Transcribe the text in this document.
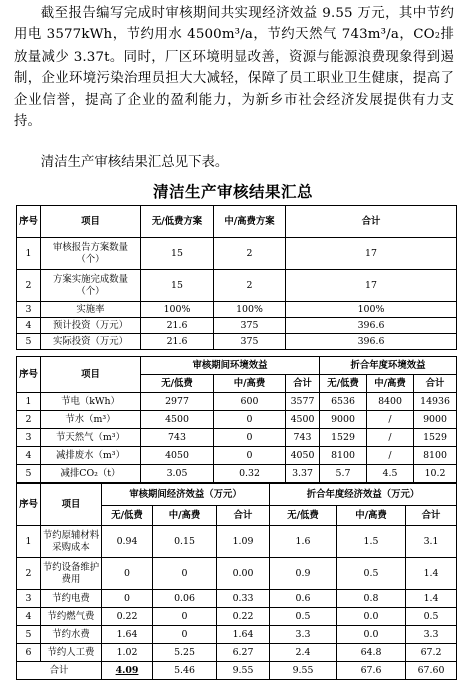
截至报告编写完成时审核期间共实现经济效益 9.55 万元，其中节约用电 3577kWh，节约用水 4500m³/a，节约天然气 743m³/a，CO2排放量减少 3.37t。同时，厂区环境明显改善，资源与能源浪费现象得到遏制，企业环境污染治理员担大大减轻，保障了员工职业卫生健康，提高了企业信誉，提高了企业的盈利能力，为新乡市社会经济发展提供有力支持。

清洁生产审核结果汇总见下表。
清洁生产审核结果汇总
序号	项目	无/低费方案	中/高费方案	合计
1	审核报告方案数量（个）	15	2	17
2	方案实施完成数量（个）	15	2	17
3	实施率	100%	100%	100%
4	预计投资（万元）	21.6	375	396.6
5	实际投资（万元）	21.6	375	396.6
序号	项目	审核期间环境效益			折合年度环境效益		
		无/低费	中/高费	合计	无/低费	中/高费	合计
1	节电（kWh）	2977	600	3577	6536	8400	14936
2	节水（m³）	4500	0	4500	9000	/	9000
3	节天然气（m³）	743	0	743	1529	/	1529
4	减排废水（m³）	4050	0	4050	8100	/	8100
5	减排CO₂（t）	3.05	0.32	3.37	5.7	4.5	10.2
序号	项目	审核期间经济效益（万元）			折合年度经济效益（万元）		
		无/低费	中/高费	合计	无/低费	中/高费	合计
1	节约原辅材料采购成本	0.94	0.15	1.09	1.6	1.5	3.1
2	节约设备维护费用	0	0	0.00	0.9	0.5	1.4
3	节约电费	0	0.06	0.33	0.6	0.8	1.4
4	节约燃气费	0.22	0	0.22	0.5	0.0	0.5
5	节约水费	1.64	0	1.64	3.3	0.0	3.3
6	节约人工费	1.02	5.25	6.27	2.4	64.8	67.2
合计		4.09	5.46	9.55	9.55	67.6	67.60
